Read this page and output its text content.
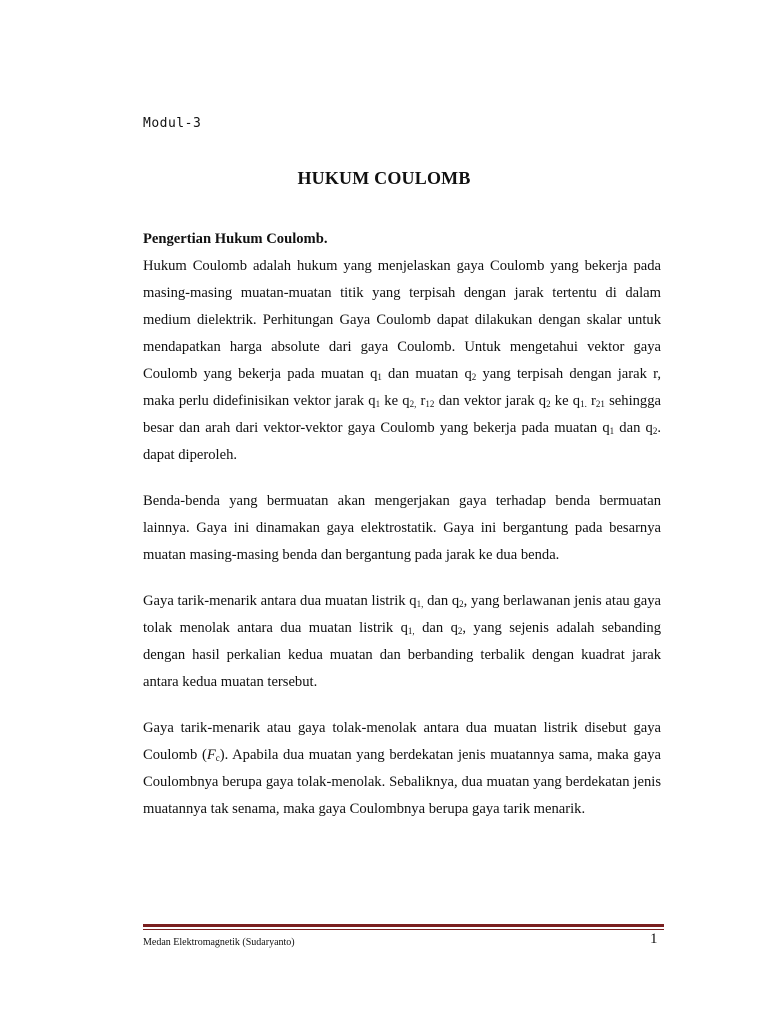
Modul-3
HUKUM COULOMB

Pengertian Hukum Coulomb.

Hukum Coulomb adalah hukum yang menjelaskan gaya Coulomb yang bekerja pada masing-masing muatan-muatan titik yang terpisah dengan jarak tertentu di dalam medium dielektrik. Perhitungan Gaya Coulomb dapat dilakukan dengan skalar untuk mendapatkan harga absolute dari gaya Coulomb. Untuk mengetahui vektor gaya Coulomb yang bekerja pada muatan $q_1$ dan muatan $q_2$ yang terpisah dengan jarak r, maka perlu didefinisikan vektor jarak $q_1$ ke $q_{2,}$ $r_{12}$ dan vektor jarak $q_2$ ke $q_{1.}$ $r_{21}$ sehingga besar dan arah dari vektor-vektor gaya Coulomb yang bekerja pada muatan $q_1$ dan $q_2$. dapat diperoleh.

Benda-benda yang bermuatan akan mengerjakan gaya terhadap benda bermuatan lainnya. Gaya ini dinamakan gaya elektrostatik. Gaya ini bergantung pada besarnya muatan masing-masing benda dan bergantung pada jarak ke dua benda.

Gaya tarik-menarik antara dua muatan listrik $q_{1,}$ dan $q_2$, yang berlawanan jenis atau gaya tolak menolak antara dua muatan listrik $q_{1,}$ dan $q_2$, yang sejenis adalah sebanding dengan hasil perkalian kedua muatan dan berbanding terbalik dengan kuadrat jarak antara kedua muatan tersebut.

Gaya tarik-menarik atau gaya tolak-menolak antara dua muatan listrik disebut gaya Coulomb $(F_c)$. Apabila dua muatan yang berdekatan jenis muatannya sama, maka gaya Coulombnya berupa gaya tolak-menolak. Sebaliknya, dua muatan yang berdekatan jenis muatannya tak senama, maka gaya Coulombnya berupa gaya tarik menarik.

Medan Elektromagnetik (Sudaryanto)	1
